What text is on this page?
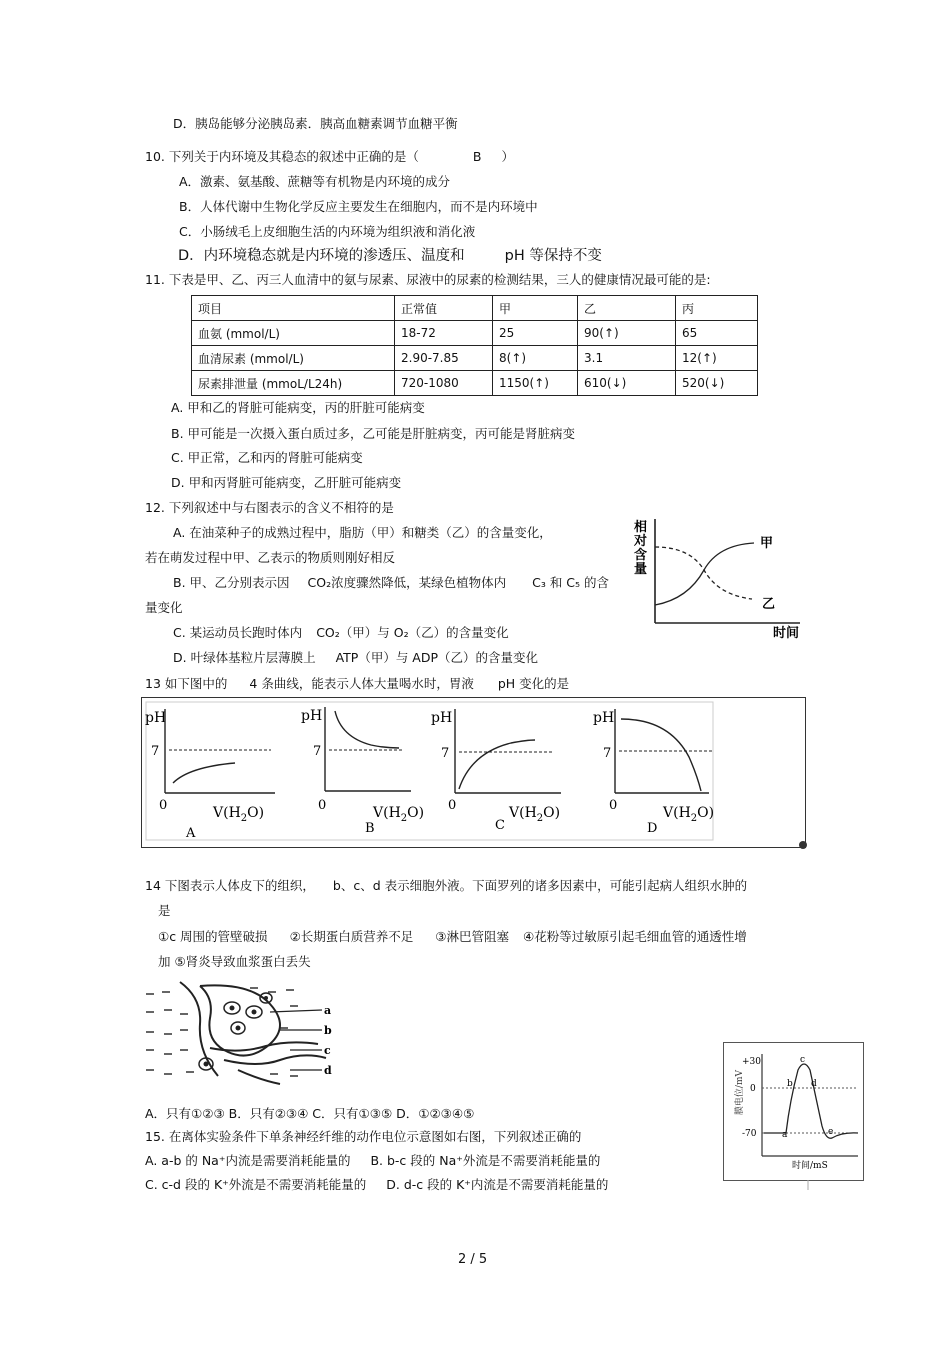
D．胰岛能够分泌胰岛素．胰高血糖素调节血糖平衡
10. 下列关于内环境及其稳态的叙述中正确的是（	B ）
A．激素、氨基酸、蔗糖等有机物是内环境的成分
B．人体代谢中生物化学反应主要发生在细胞内，而不是内环境中
C．小肠绒毛上皮细胞生活的内环境为组织液和消化液
D．内环境稳态就是内环境的渗透压、温度和	pH 等保持不变
11. 下表是甲、乙、丙三人血清中的氨与尿素、尿液中的尿素的检测结果，三人的健康情况最可能的是:
项目	正常值	甲	乙	丙
血氨 (mmol/L)	18-72	25	90(↑)	65
血清尿素 (mmol/L)	2.90-7.85	8(↑)	3.1	12(↑)
尿素排泄量 (mmoL/L24h)	720-1080	1150(↑)	610(↓)	520(↓)
A. 甲和乙的肾脏可能病变，丙的肝脏可能病变
B. 甲可能是一次摄入蛋白质过多，乙可能是肝脏病变，丙可能是肾脏病变
C. 甲正常，乙和丙的肾脏可能病变
D. 甲和丙肾脏可能病变，乙肝脏可能病变
12. 下列叙述中与右图表示的含义不相符的是
A. 在油菜种子的成熟过程中，脂肪（甲）和糖类（乙）的含量变化，
若在萌发过程中甲、乙表示的物质则刚好相反
B. 甲、乙分别表示因 CO₂浓度骤然降低，某绿色植物体内 C₃ 和 C₅ 的含
量变化
C. 某运动员长跑时体内 CO₂（甲）与 O₂（乙）的含量变化
D. 叶绿体基粒片层薄膜上 ATP（甲）与 ADP（乙）的含量变化
相
对
含
量
甲
乙
时间
13 如下图中的 4 条曲线，能表示人体大量喝水时，胃液 pH 变化的是
pH
7
0	$V(H_2O)$
A
pH
7
0	$V(H_2O)$
B
pH
7
0	$V(H_2O)$
C
pH
7
0	$V(H_2O)$
D
14 下图表示人体皮下的组织， b、c、d 表示细胞外液。下面罗列的诸多因素中，可能引起病人组织水肿的
是
①c 周围的管壁破损 ②长期蛋白质营养不足 ③淋巴管阻塞 ④花粉等过敏原引起毛细血管的通透性增
加 ⑤肾炎导致血浆蛋白丢失
a
b
c
d
A．只有①②③ B．只有②③④ C．只有①③⑤ D．①②③④⑤
15. 在离体实验条件下单条神经纤维的动作电位示意图如右图，下列叙述正确的
A. a-b 的 Na⁺内流是需要消耗能量的 B. b-c 段的 Na⁺外流是不需要消耗能量的
C. c-d 段的 K⁺外流是不需要消耗能量的 D. d-c 段的 K⁺内流是不需要消耗能量的
膜电位/mV
+30
0
-70	a
b
c
d
e
时间/mS
2 / 5
